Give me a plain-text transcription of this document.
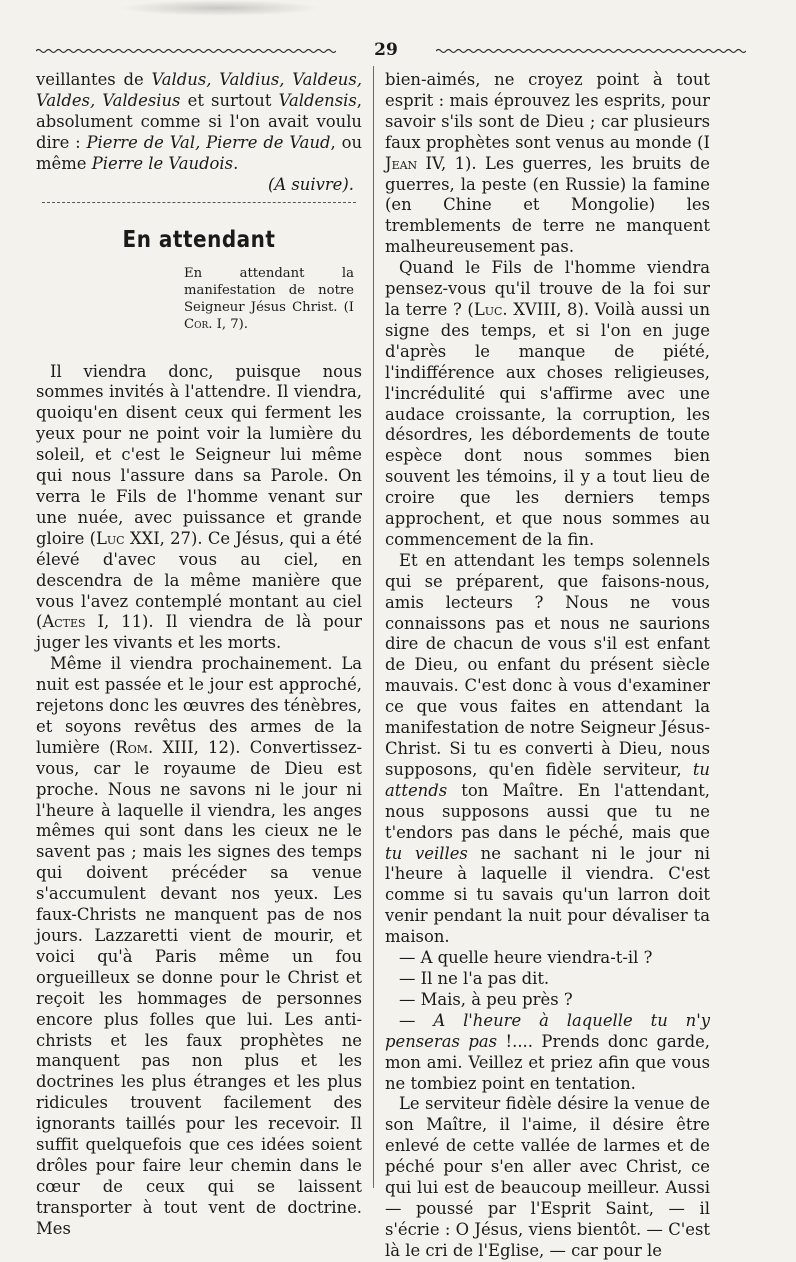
29

veillantes de Valdus, Valdius, Valdeus, Valdes, Valdesius et surtout Valdensis, absolument comme si l'on avait voulu dire : Pierre de Val, Pierre de Vaud, ou même Pierre le Vaudois.

(A suivre).

En attendant
En attendant la manifestation de notre Seigneur Jésus Christ. (I Cor. I, 7).

Il viendra donc, puisque nous sommes invités à l'attendre. Il viendra, quoiqu'en disent ceux qui ferment les yeux pour ne point voir la lumière du soleil, et c'est le Seigneur lui même qui nous l'assure dans sa Parole. On verra le Fils de l'homme venant sur une nuée, avec puissance et grande gloire (Luc XXI, 27). Ce Jésus, qui a été élevé d'avec vous au ciel, en descendra de la même manière que vous l'avez contemplé montant au ciel (Actes I, 11). Il viendra de là pour juger les vivants et les morts.

Même il viendra prochainement. La nuit est passée et le jour est approché, rejetons donc les œuvres des ténèbres, et soyons revêtus des armes de la lumière (Rom. XIII, 12). Convertissez-vous, car le royaume de Dieu est proche. Nous ne savons ni le jour ni l'heure à laquelle il viendra, les anges mêmes qui sont dans les cieux ne le savent pas ; mais les signes des temps qui doivent précéder sa venue s'accumulent devant nos yeux. Les faux-Christs ne manquent pas de nos jours. Lazzaretti vient de mourir, et voici qu'à Paris même un fou orgueilleux se donne pour le Christ et reçoit les hommages de personnes encore plus folles que lui. Les anti-christs et les faux prophètes ne manquent pas non plus et les doctrines les plus étranges et les plus ridicules trouvent facilement des ignorants taillés pour les recevoir. Il suffit quelquefois que ces idées soient drôles pour faire leur chemin dans le cœur de ceux qui se laissent transporter à tout vent de doctrine. Mes

bien-aimés, ne croyez point à tout esprit : mais éprouvez les esprits, pour savoir s'ils sont de Dieu ; car plusieurs faux prophètes sont venus au monde (I Jean IV, 1). Les guerres, les bruits de guerres, la peste (en Russie) la famine (en Chine et Mongolie) les tremblements de terre ne manquent malheureusement pas.

Quand le Fils de l'homme viendra pensez-vous qu'il trouve de la foi sur la terre ? (Luc. XVIII, 8). Voilà aussi un signe des temps, et si l'on en juge d'après le manque de piété, l'indifférence aux choses religieuses, l'incrédulité qui s'affirme avec une audace croissante, la corruption, les désordres, les débordements de toute espèce dont nous sommes bien souvent les témoins, il y a tout lieu de croire que les derniers temps approchent, et que nous sommes au commencement de la fin.

Et en attendant les temps solennels qui se préparent, que faisons-nous, amis lecteurs ? Nous ne vous connaissons pas et nous ne saurions dire de chacun de vous s'il est enfant de Dieu, ou enfant du présent siècle mauvais. C'est donc à vous d'examiner ce que vous faites en attendant la manifestation de notre Seigneur Jésus-Christ. Si tu es converti à Dieu, nous supposons, qu'en fidèle serviteur, tu attends ton Maître. En l'attendant, nous supposons aussi que tu ne t'endors pas dans le péché, mais que tu veilles ne sachant ni le jour ni l'heure à laquelle il viendra. C'est comme si tu savais qu'un larron doit venir pendant la nuit pour dévaliser ta maison.

— A quelle heure viendra-t-il ?

— Il ne l'a pas dit.

— Mais, à peu près ?

— A l'heure à laquelle tu n'y penseras pas !.... Prends donc garde, mon ami. Veillez et priez afin que vous ne tombiez point en tentation.

Le serviteur fidèle désire la venue de son Maître, il l'aime, il désire être enlevé de cette vallée de larmes et de péché pour s'en aller avec Christ, ce qui lui est de beaucoup meilleur. Aussi — poussé par l'Esprit Saint, — il s'écrie : O Jésus, viens bientôt. — C'est là le cri de l'Eglise, — car pour le
